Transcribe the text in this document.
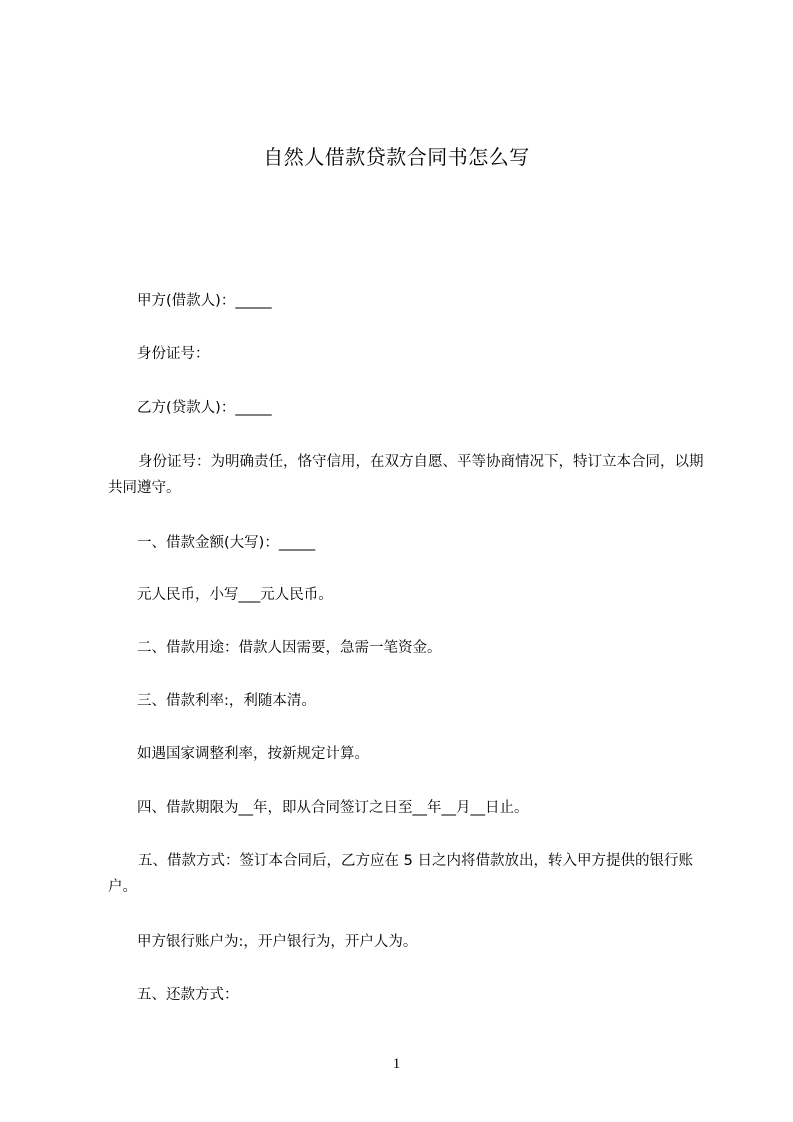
自然人借款贷款合同书怎么写

甲方(借款人)：_____

身份证号：

乙方(贷款人)：_____

身份证号：为明确责任，恪守信用，在双方自愿、平等协商情况下，特订立本合同，以期共同遵守。

一、借款金额(大写)：_____

元人民币，小写___元人民币。

二、借款用途：借款人因需要，急需一笔资金。

三、借款利率:，利随本清。

如遇国家调整利率，按新规定计算。

四、借款期限为__年，即从合同签订之日至__年__月__日止。

五、借款方式：签订本合同后，乙方应在 5 日之内将借款放出，转入甲方提供的银行账户。

甲方银行账户为:，开户银行为，开户人为。

五、还款方式：

1
